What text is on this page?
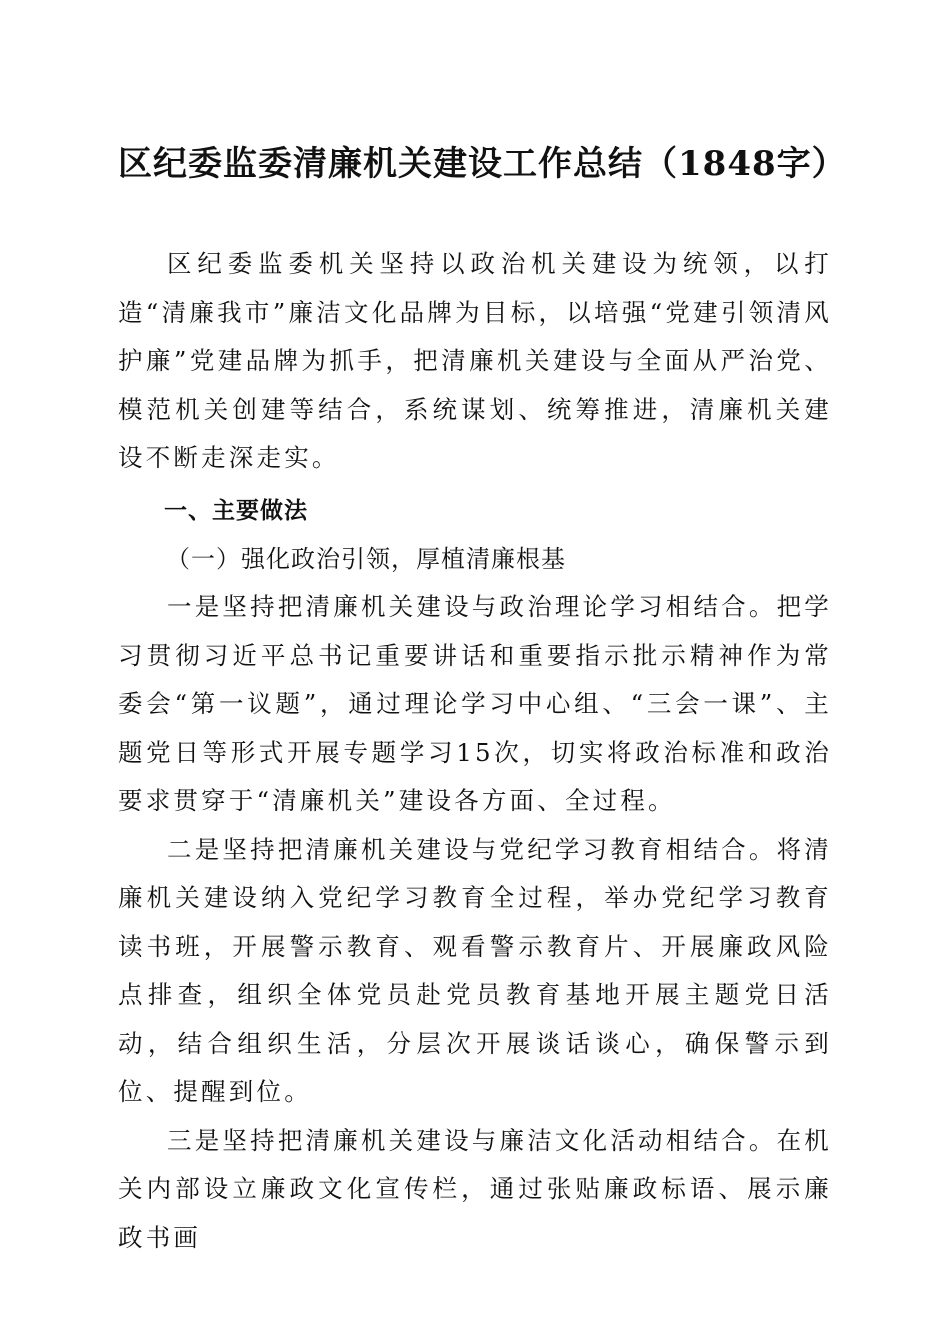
区纪委监委清廉机关建设工作总结（1848字）

区纪委监委机关坚持以政治机关建设为统领，以打造“清廉我市”廉洁文化品牌为目标，以培强“党建引领清风护廉”党建品牌为抓手，把清廉机关建设与全面从严治党、模范机关创建等结合，系统谋划、统筹推进，清廉机关建设不断走深走实。

一、主要做法

（一）强化政治引领，厚植清廉根基

一是坚持把清廉机关建设与政治理论学习相结合。把学习贯彻习近平总书记重要讲话和重要指示批示精神作为常委会“第一议题”，通过理论学习中心组、“三会一课”、主题党日等形式开展专题学习15次，切实将政治标准和政治要求贯穿于“清廉机关”建设各方面、全过程。

二是坚持把清廉机关建设与党纪学习教育相结合。将清廉机关建设纳入党纪学习教育全过程，举办党纪学习教育读书班，开展警示教育、观看警示教育片、开展廉政风险点排查，组织全体党员赴党员教育基地开展主题党日活动，结合组织生活，分层次开展谈话谈心，确保警示到位、提醒到位。

三是坚持把清廉机关建设与廉洁文化活动相结合。在机关内部设立廉政文化宣传栏，通过张贴廉政标语、展示廉政书画
